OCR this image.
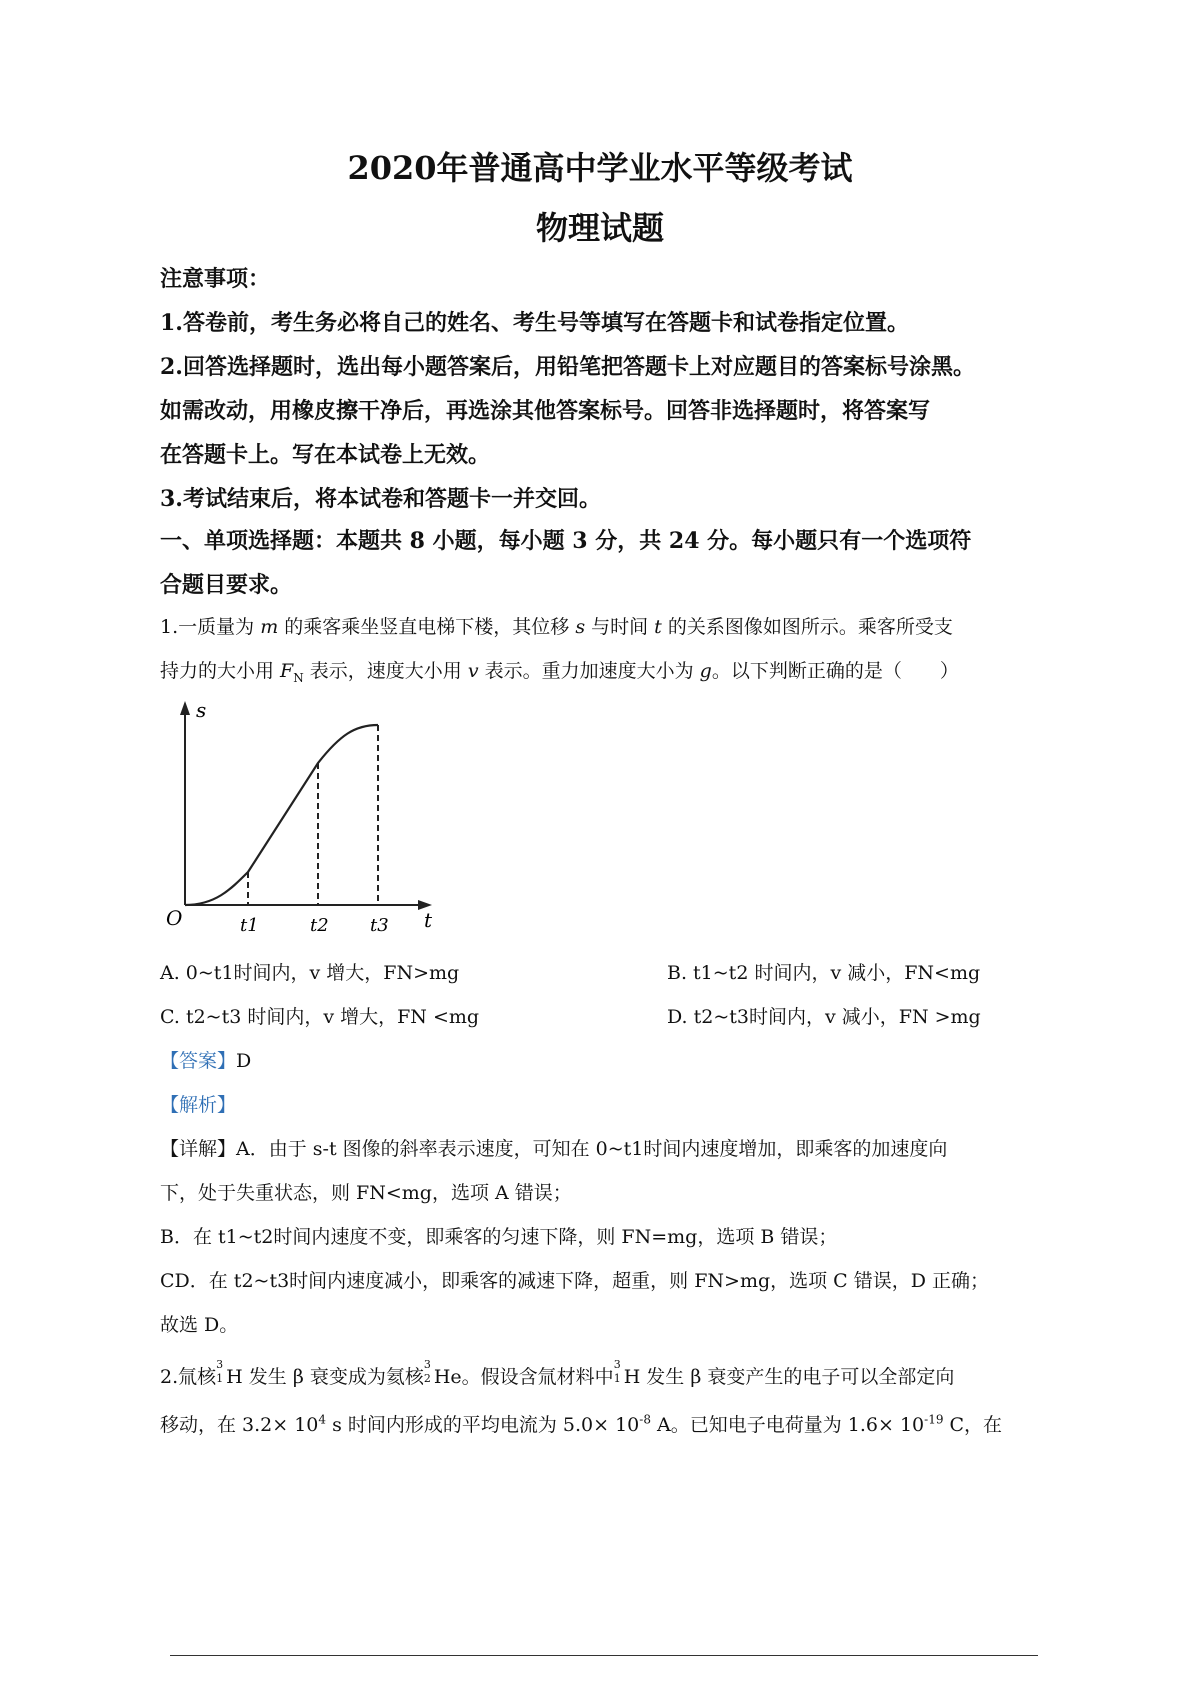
2020年普通高中学业水平等级考试
物理试题
注意事项：
1.答卷前，考生务必将自己的姓名、考生号等填写在答题卡和试卷指定位置。
2.回答选择题时，选出每小题答案后，用铅笔把答题卡上对应题目的答案标号涂黑。
如需改动，用橡皮擦干净后，再选涂其他答案标号。回答非选择题时，将答案写
在答题卡上。写在本试卷上无效。
3.考试结束后，将本试卷和答题卡一并交回。
一、单项选择题：本题共 8 小题，每小题 3 分，共 24 分。每小题只有一个选项符
合题目要求。
1.一质量为 m 的乘客乘坐竖直电梯下楼，其位移 s 与时间 t 的关系图像如图所示。乘客所受支
持力的大小用 $F_N$ 表示，速度大小用 v 表示。重力加速度大小为 g。以下判断正确的是（　　）
s
t
O	t1	t2 t3
A. 0~t1时间内，v 增大，FN>mg	B. t1~t2 时间内，v 减小，FN<mg
C. t2~t3 时间内，v 增大，FN <mg	D. t2~t3时间内，v 减小，FN >mg
【答案】D
【解析】
【详解】A．由于 s-t 图像的斜率表示速度，可知在 0~t1时间内速度增加，即乘客的加速度向
下，处于失重状态，则 FN<mg，选项 A 错误；
B．在 t1~t2时间内速度不变，即乘客的匀速下降，则 FN=mg，选项 B 错误；
CD．在 t2~t3时间内速度减小，即乘客的减速下降，超重，则 FN>mg，选项 C 错误，D 正确；
故选 D。
2.氚核
3
1 H 发生 β 衰变成为氦核
3
2 He。假设含氚材料中
3
1 H 发生 β 衰变产生的电子可以全部定向
移动，在 $3.2\times 10^4$ s 时间内形成的平均电流为 $5.0\times 10^{-8}$ A。已知电子电荷量为 $1.6\times 10^{-19}$ C，在
